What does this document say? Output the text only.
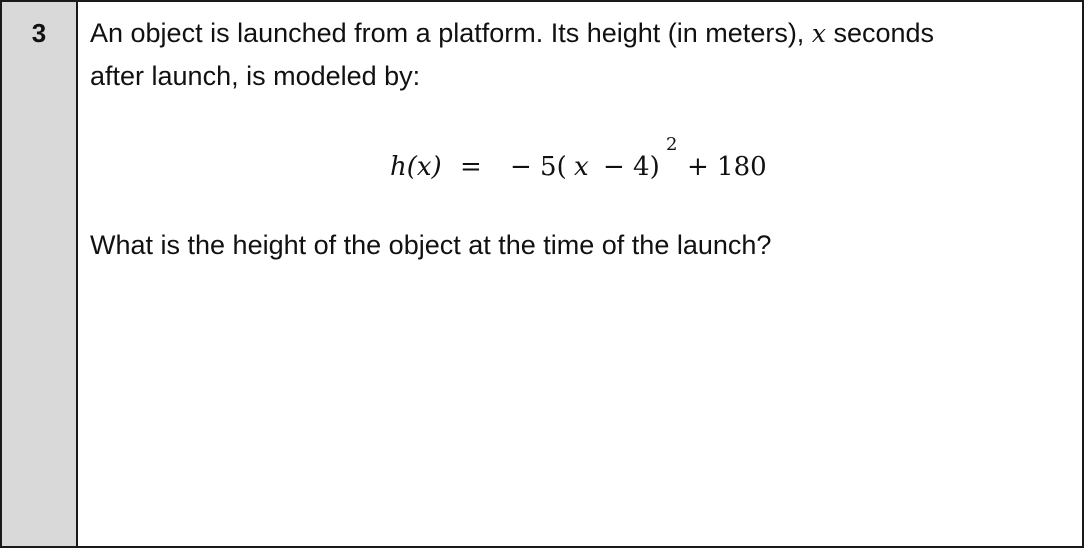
3	An object is launched from a platform. Its height (in meters), x seconds
after launch, is modeled by:

h(x) = − 5( x − 4)
2
+ 180
What is the height of the object at the time of the launch?
